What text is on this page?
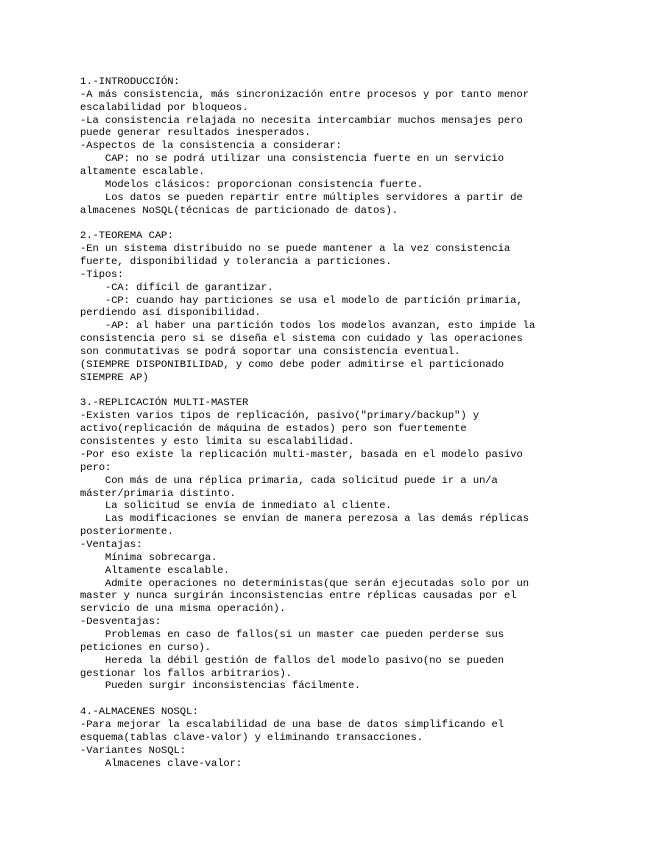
1.-INTRODUCCIÓN:
-A más consistencia, más sincronización entre procesos y por tanto menor
escalabilidad por bloqueos.
-La consistencia relajada no necesita intercambiar muchos mensajes pero
puede generar resultados inesperados.
-Aspectos de la consistencia a considerar:
CAP: no se podrá utilizar una consistencia fuerte en un servicio
altamente escalable.
Modelos clásicos: proporcionan consistencia fuerte.
Los datos se pueden repartir entre múltiples servidores a partir de
almacenes NoSQL(técnicas de particionado de datos).
2.-TEOREMA CAP:
-En un sistema distribuido no se puede mantener a la vez consistencia
fuerte, disponibilidad y tolerancia a particiones.
-Tipos:
-CA: difícil de garantizar.
-CP: cuando hay particiones se usa el modelo de partición primaria,
perdiendo así disponibilidad.
-AP: al haber una partición todos los modelos avanzan, esto impide la
consistencia pero si se diseña el sistema con cuidado y las operaciones
son conmutativas se podrá soportar una consistencia eventual.
(SIEMPRE DISPONIBILIDAD, y como debe poder admitirse el particionado
SIEMPRE AP)
3.-REPLICACIÓN MULTI-MASTER
-Existen varios tipos de replicación, pasivo("primary/backup") y
activo(replicación de máquina de estados) pero son fuertemente
consistentes y esto limita su escalabilidad.
-Por eso existe la replicación multi-master, basada en el modelo pasivo
pero:
Con más de una réplica primaria, cada solicitud puede ir a un/a
máster/primaria distinto.
La solicitud se envía de inmediato al cliente.
Las modificaciones se envían de manera perezosa a las demás réplicas
posteriormente.
-Ventajas:
Mínima sobrecarga.
Altamente escalable.
Admite operaciones no deterministas(que serán ejecutadas solo por un
master y nunca surgirán inconsistencias entre réplicas causadas por el
servicio de una misma operación).
-Desventajas:
Problemas en caso de fallos(si un master cae pueden perderse sus
peticiones en curso).
Hereda la débil gestión de fallos del modelo pasivo(no se pueden
gestionar los fallos arbitrarios).
Pueden surgir inconsistencias fácilmente.
4.-ALMACENES NOSQL:
-Para mejorar la escalabilidad de una base de datos simplificando el
esquema(tablas clave-valor) y eliminando transacciones.
-Variantes NoSQL:
Almacenes clave-valor:
